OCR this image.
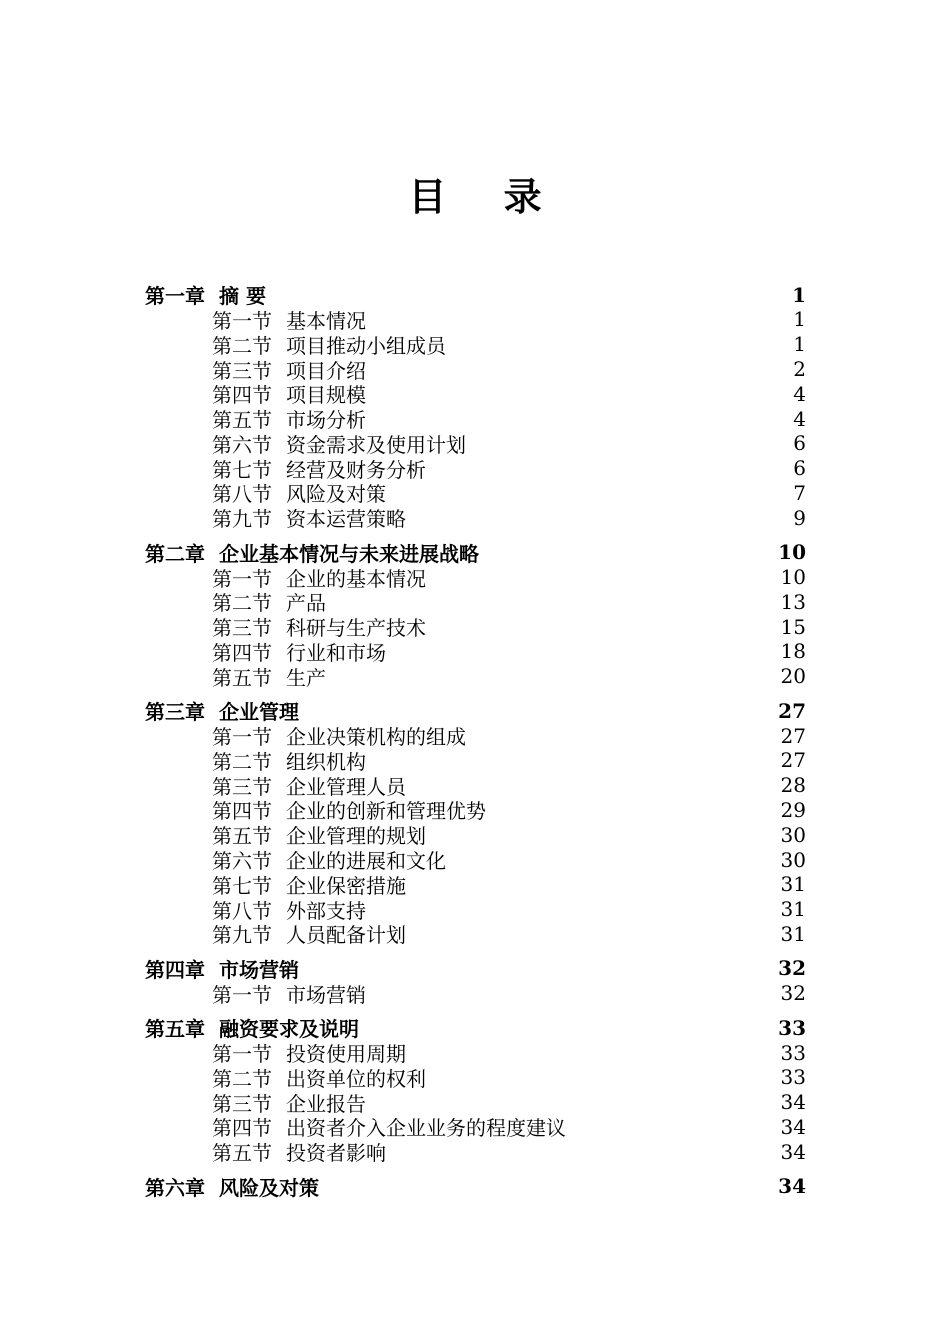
目 录
第一章 摘 要	1
第一节 基本情况	1
第二节 项目推动小组成员	1
第三节 项目介绍	2
第四节 项目规模	4
第五节 市场分析	4
第六节 资金需求及使用计划	6
第七节 经营及财务分析	6
第八节 风险及对策	7
第九节 资本运营策略	9
第二章 企业基本情况与未来进展战略	10
第一节 企业的基本情况	10
第二节 产品	13
第三节 科研与生产技术	15
第四节 行业和市场	18
第五节 生产	20
第三章 企业管理	27
第一节 企业决策机构的组成	27
第二节 组织机构	27
第三节 企业管理人员	28
第四节 企业的创新和管理优势	29
第五节 企业管理的规划	30
第六节 企业的进展和文化	30
第七节 企业保密措施	31
第八节 外部支持	31
第九节 人员配备计划	31
第四章 市场营销	32
第一节 市场营销	32
第五章 融资要求及说明	33
第一节 投资使用周期	33
第二节 出资单位的权利	33
第三节 企业报告	34
第四节 出资者介入企业业务的程度建议	34
第五节 投资者影响	34
第六章 风险及对策	34
